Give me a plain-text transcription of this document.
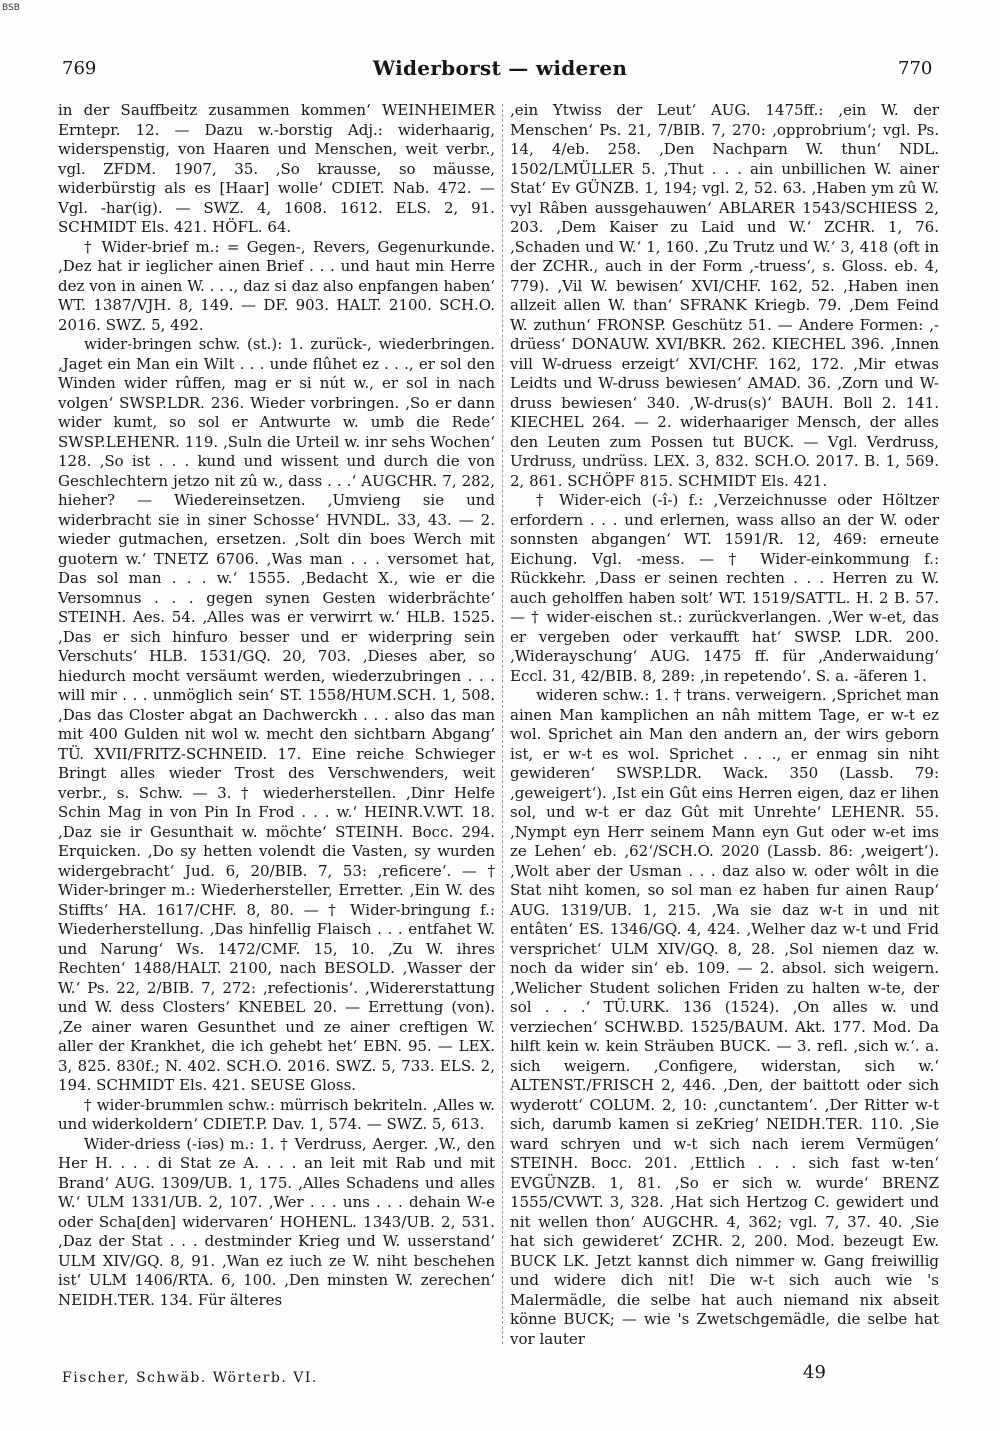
BSB
769	Widerborst — wideren	770

in der Sauffbeitz zusammen kommen‘ WEINHEIMER Erntepr. 12. — Dazu w.-borstig Adj.: widerhaarig, widerspenstig, von Haaren und Menschen, weit verbr., vgl. ZFDM. 1907, 35. ‚So krausse, so mäusse, widerbürstig als es [Haar] wolle‘ CDIET. Nab. 472. — Vgl. -har(ig). — SWZ. 4, 1608. 1612. ELS. 2, 91. SCHMIDT Els. 421. HÖFL. 64.

† Wider-brief m.: = Gegen-, Revers, Gegenurkunde. ‚Dez hat ir ieglicher ainen Brief . . . und haut min Herre dez von in ainen W. . . ., daz si daz also enpfangen haben‘ WT. 1387/VJH. 8, 149. — DF. 903. HALT. 2100. SCH.O. 2016. SWZ. 5, 492.

wider-bringen schw. (st.): 1. zurück-, wiederbringen. ‚Jaget ein Man ein Wilt . . . unde flûhet ez . . ., er sol den Winden wider rûffen, mag er si nút w., er sol in nach volgen‘ SWSP.LDR. 236. Wieder vorbringen. ‚So er dann wider kumt, so sol er Antwurte w. umb die Rede‘ SWSP.LEHENR. 119. ‚Suln die Urteil w. inr sehs Wochen‘ 128. ‚So ist . . . kund und wissent und durch die von Geschlechtern jetzo nit zû w., dass . . .‘ AUGCHR. 7, 282, hieher? — Wiedereinsetzen. ‚Umvieng sie und widerbracht sie in siner Schosse‘ HVNDL. 33, 43. — 2. wieder gutmachen, ersetzen. ‚Solt din boes Werch mit guotern w.‘ TNETZ 6706. ‚Was man . . . versomet hat, Das sol man . . . w.‘ 1555. ‚Bedacht X., wie er die Versomnus . . . gegen synen Gesten widerbrächte‘ STEINH. Aes. 54. ‚Alles was er verwirrt w.‘ HLB. 1525. ‚Das er sich hinfuro besser und er widerpring sein Verschuts‘ HLB. 1531/GQ. 20, 703. ‚Dieses aber, so hiedurch mocht versäumt werden, wiederzubringen . . . will mir . . . unmöglich sein‘ ST. 1558/HUM.SCH. 1, 508. ‚Das das Closter abgat an Dachwerckh . . . also das man mit 400 Gulden nit wol w. mecht den sichtbarn Abgang‘ TÜ. XVII/FRITZ-SCHNEID. 17. Eine reiche Schwieger Bringt alles wieder Trost des Verschwenders, weit verbr., s. Schw. — 3. † wiederherstellen. ‚Dinr Helfe Schin Mag in von Pin In Frod . . . w.‘ HEINR.V.WT. 18. ‚Daz sie ir Gesunthait w. möchte‘ STEINH. Bocc. 294. Erquicken. ‚Do sy hetten volendt die Vasten, sy wurden widergebracht‘ Jud. 6, 20/BIB. 7, 53: ‚reficere‘. — † Wider-bringer m.: Wiederhersteller, Erretter. ‚Ein W. des Stiffts‘ HA. 1617/CHF. 8, 80. — † Wider-bringung f.: Wiederherstellung. ‚Das hinfellig Flaisch . . . entfahet W. und Narung‘ Ws. 1472/CMF. 15, 10. ‚Zu W. ihres Rechten‘ 1488/HALT. 2100, nach BESOLD. ‚Wasser der W.‘ Ps. 22, 2/BIB. 7, 272: ‚refectionis‘. ‚Widererstattung und W. dess Closters‘ KNEBEL 20. — Errettung (von). ‚Ze ainer waren Gesunthet und ze ainer creftigen W. aller der Krankhet, die ich gehebt het‘ EBN. 95. — LEX. 3, 825. 830f.; N. 402. SCH.O. 2016. SWZ. 5, 733. ELS. 2, 194. SCHMIDT Els. 421. SEUSE Gloss.

† wider-brummlen schw.: mürrisch bekriteln. ‚Alles w. und widerkoldern‘ CDIET.P. Dav. 1, 574. — SWZ. 5, 613.

Wider-driess (-iəs) m.: 1. † Verdruss, Aerger. ‚W., den Her H. . . . di Stat ze A. . . . an leit mit Rab und mit Brand‘ AUG. 1309/UB. 1, 175. ‚Alles Schadens und alles W.‘ ULM 1331/UB. 2, 107. ‚Wer . . . uns . . . dehain W-e oder Scha[den] widervaren‘ HOHENL. 1343/UB. 2, 531. ‚Daz der Stat . . . destminder Krieg und W. usserstand‘ ULM XIV/GQ. 8, 91. ‚Wan ez iuch ze W. niht beschehen ist‘ ULM 1406/RTA. 6, 100. ‚Den minsten W. zerechen‘ NEIDH.TER. 134. Für älteres

‚ein Ytwiss der Leut‘ AUG. 1475ff.: ‚ein W. der Menschen‘ Ps. 21, 7/BIB. 7, 270: ‚opprobrium‘; vgl. Ps. 14, 4/eb. 258. ‚Den Nachparn W. thun‘ NDL. 1502/LMÜLLER 5. ‚Thut . . . ain unbillichen W. ainer Stat‘ Ev GÜNZB. 1, 194; vgl. 2, 52. 63. ‚Haben ym zû W. vyl Râben aussgehauwen‘ ABLARER 1543/SCHIESS 2, 203. ‚Dem Kaiser zu Laid und W.‘ ZCHR. 1, 76. ‚Schaden und W.‘ 1, 160. ‚Zu Trutz und W.‘ 3, 418 (oft in der ZCHR., auch in der Form ‚-truess‘, s. Gloss. eb. 4, 779). ‚Vil W. bewisen‘ XVI/CHF. 162, 52. ‚Haben inen allzeit allen W. than‘ SFRANK Kriegb. 79. ‚Dem Feind W. zuthun‘ FRONSP. Geschütz 51. — Andere Formen: ‚-drüess‘ DONAUW. XVI/BKR. 262. KIECHEL 396. ‚Innen vill W-druess erzeigt‘ XVI/CHF. 162, 172. ‚Mir etwas Leidts und W-druss bewiesen‘ AMAD. 36. ‚Zorn und W-druss bewiesen‘ 340. ‚W-drus(s)‘ BAUH. Boll 2. 141. KIECHEL 264. — 2. widerhaariger Mensch, der alles den Leuten zum Possen tut BUCK. — Vgl. Verdruss, Urdruss, undrüss. LEX. 3, 832. SCH.O. 2017. B. 1, 569. 2, 861. SCHÖPF 815. SCHMIDT Els. 421.

† Wider-eich (-î-) f.: ‚Verzeichnusse oder Höltzer erfordern . . . und erlernen, wass allso an der W. oder sonnsten abgangen‘ WT. 1591/R. 12, 469: erneute Eichung. Vgl. -mess. — † Wider-einkommung f.: Rückkehr. ‚Dass er seinen rechten . . . Herren zu W. auch geholffen haben solt‘ WT. 1519/SATTL. H. 2 B. 57. — † wider-eischen st.: zurückverlangen. ‚Wer w-et, das er vergeben oder verkaufft hat‘ SWSP. LDR. 200. ‚Widerayschung‘ AUG. 1475 ff. für ‚Anderwaidung‘ Eccl. 31, 42/BIB. 8, 289: ‚in repetendo‘. S. a. -äferen 1.

wideren schw.: 1. † trans. verweigern. ‚Sprichet man ainen Man kamplichen an nâh mittem Tage, er w-t ez wol. Sprichet ain Man den andern an, der wirs geborn ist, er w-t es wol. Sprichet . . ., er enmag sin niht gewideren‘ SWSP.LDR. Wack. 350 (Lassb. 79: ‚geweigert‘). ‚Ist ein Gût eins Herren eigen, daz er lihen sol, und w-t er daz Gût mit Unrehte‘ LEHENR. 55. ‚Nympt eyn Herr seinem Mann eyn Gut oder w-et ims ze Lehen‘ eb. ‚62‘/SCH.O. 2020 (Lassb. 86: ‚weigert‘). ‚Wolt aber der Usman . . . daz also w. oder wôlt in die Stat niht komen, so sol man ez haben fur ainen Raup‘ AUG. 1319/UB. 1, 215. ‚Wa sie daz w-t in und nit entâten‘ ES. 1346/GQ. 4, 424. ‚Welher daz w-t und Frid versprichet‘ ULM XIV/GQ. 8, 28. ‚Sol niemen daz w. noch da wider sin‘ eb. 109. — 2. absol. sich weigern. ‚Welicher Student solichen Friden zu halten w-te, der sol . . .‘ TÜ.URK. 136 (1524). ‚On alles w. und verziechen‘ SCHW.BD. 1525/BAUM. Akt. 177. Mod. Da hilft kein w. kein Sträuben BUCK. — 3. refl. ‚sich w.‘. a. sich weigern. ‚Configere, widerstan, sich w.‘ ALTENST./FRISCH 2, 446. ‚Den, der baittott oder sich wyderott‘ COLUM. 2, 10: ‚cunctantem‘. ‚Der Ritter w-t sich, darumb kamen si zeKrieg‘ NEIDH.TER. 110. ‚Sie ward schryen und w-t sich nach ierem Vermügen‘ STEINH. Bocc. 201. ‚Ettlich . . . sich fast w-ten‘ EVGÜNZB. 1, 81. ‚So er sich w. wurde‘ BRENZ 1555/CVWT. 3, 328. ‚Hat sich Hertzog C. gewidert und nit wellen thon‘ AUGCHR. 4, 362; vgl. 7, 37. 40. ‚Sie hat sich gewideret‘ ZCHR. 2, 200. Mod. bezeugt Ew. BUCK LK. Jetzt kannst dich nimmer w. Gang freiwillig und widere dich nit! Die w-t sich auch wie 's Malermädle, die selbe hat auch niemand nix abseit könne BUCK; — wie 's Zwetschgemädle, die selbe hat vor lauter

Fischer, Schwäb. Wörterb. VI.	49
